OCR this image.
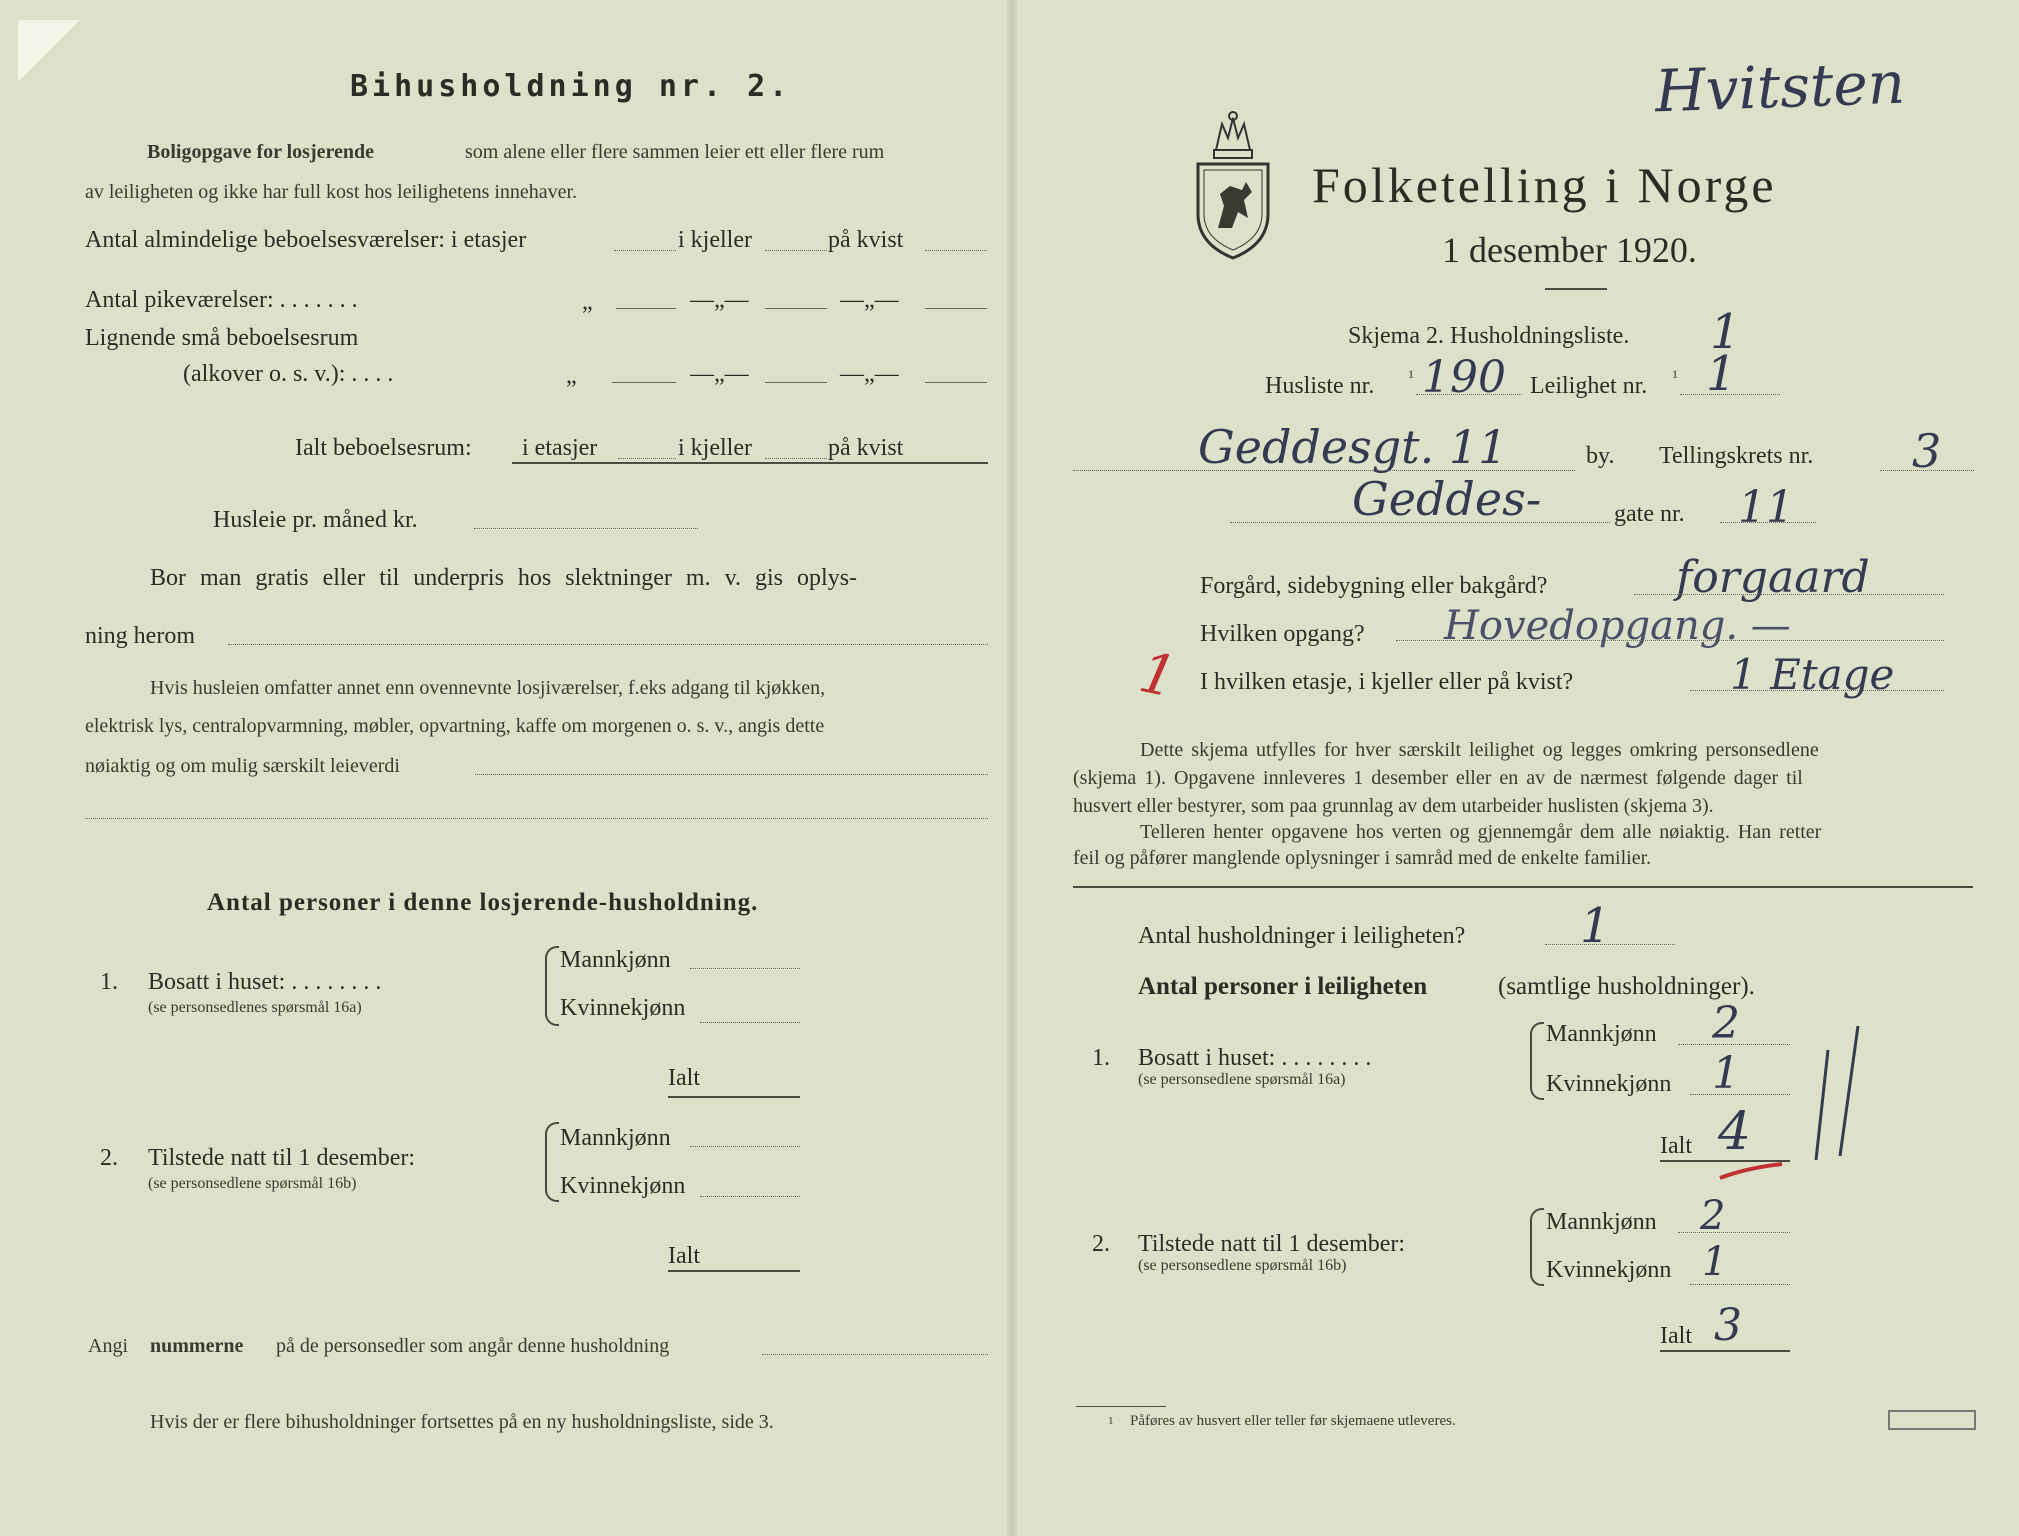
Bihusholdning nr. 2.
Boligopgave for losjerende	som alene eller flere sammen leier ett eller flere rum
av leiligheten og ikke har full kost hos leilighetens innehaver.
Antal almindelige beboelsesværelser: i etasjer	i kjeller	på kvist
Antal pikeværelser: . . . . . . .	„	—„—	—„—
Lignende små beboelsesrum
(alkover o. s. v.): . . . .	„	—„—	—„—
Ialt beboelsesrum: i etasjer	i kjeller	på kvist
Husleie pr. måned kr.
Bor man gratis eller til underpris hos slektninger m. v. gis oplys-
ning herom
Hvis husleien omfatter annet enn ovennevnte losjiværelser, f.eks adgang til kjøkken,
elektrisk lys, centralopvarmning, møbler, opvartning, kaffe om morgenen o. s. v., angis dette
nøiaktig og om mulig særskilt leieverdi
Antal personer i denne losjerende-husholdning.
1. Bosatt i huset: . . . . . . . .
(se personsedlenes spørsmål 16a)
Mannkjønn
Kvinnekjønn
Ialt
2. Tilstede natt til 1 desember:
(se personsedlene spørsmål 16b)
Mannkjønn
Kvinnekjønn
Ialt
Angi nummerne på de personsedler som angår denne husholdning
Hvis der er flere bihusholdninger fortsettes på en ny husholdningsliste, side 3.
Hvitsten
Folketelling i Norge
1 desember 1920.
Skjema 2. Husholdningsliste. 1
Husliste nr.	1 190 Leilighet nr. 1 1
Geddesgt. 11	by. Tellingskrets nr. 3
Geddes-	gate nr. 11
Forgård, sidebygning eller bakgård?	forgaard
Hvilken opgang? Hovedopgang. —
1 I hvilken etasje, i kjeller eller på kvist?	1 Etage
Dette skjema utfylles for hver særskilt leilighet og legges omkring personsedlene
(skjema 1). Opgavene innleveres 1 desember eller en av de nærmest følgende dager til
husvert eller bestyrer, som paa grunnlag av dem utarbeider huslisten (skjema 3).
Telleren henter opgavene hos verten og gjennemgår dem alle nøiaktig. Han retter
feil og påfører manglende oplysninger i samråd med de enkelte familier.
Antal husholdninger i leiligheten? 1
Antal personer i leiligheten	(samtlige husholdninger).
1. Bosatt i huset: . . . . . . . .
(se personsedlene spørsmål 16a)
Mannkjønn 2
Kvinnekjønn 1
Ialt 4
2. Tilstede natt til 1 desember:
(se personsedlene spørsmål 16b)
Mannkjønn 2
Kvinnekjønn 1
Ialt 3
1 Påføres av husvert eller teller før skjemaene utleveres.
